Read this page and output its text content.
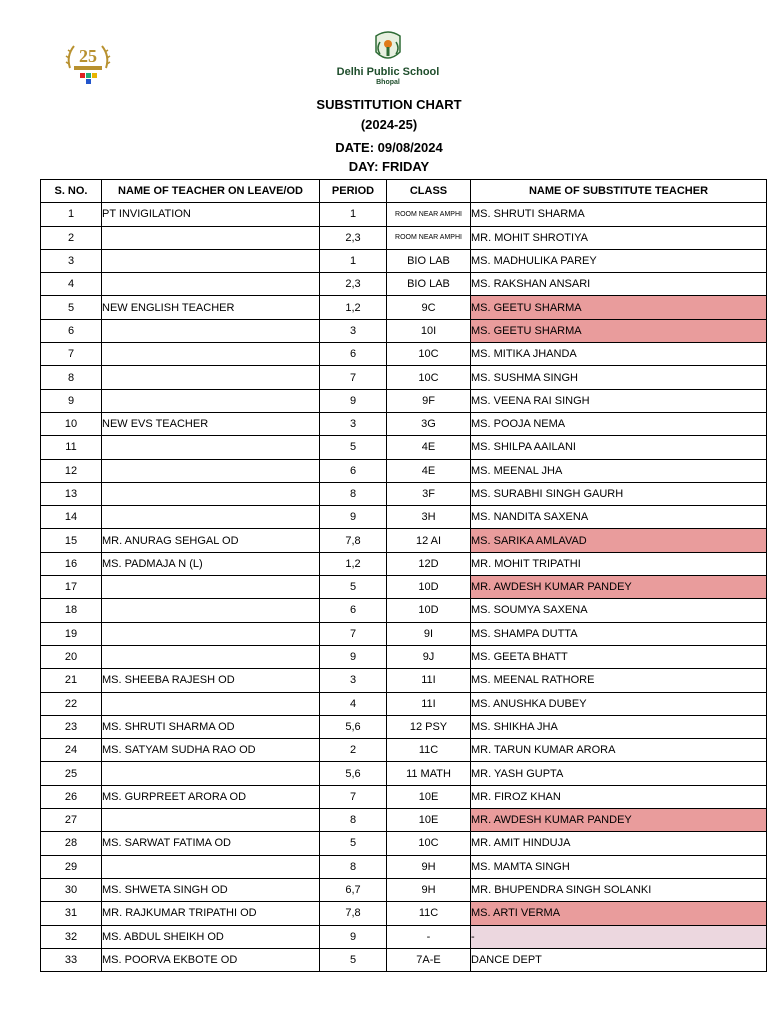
25
Delhi Public School
Bhopal
SUBSTITUTION CHART
(2024-25)
DATE: 09/08/2024
DAY: FRIDAY
S. NO.	NAME OF TEACHER ON LEAVE/OD	PERIOD	CLASS	NAME OF SUBSTITUTE TEACHER
1	PT INVIGILATION	1	ROOM NEAR AMPHI	MS. SHRUTI SHARMA
2		2,3	ROOM NEAR AMPHI	MR. MOHIT SHROTIYA
3		1	BIO LAB	MS. MADHULIKA PAREY
4		2,3	BIO LAB	MS. RAKSHAN ANSARI
5	NEW ENGLISH TEACHER	1,2	9C	MS. GEETU SHARMA
6		3	10I	MS. GEETU SHARMA
7		6	10C	MS. MITIKA JHANDA
8		7	10C	MS. SUSHMA SINGH
9		9	9F	MS. VEENA RAI SINGH
10	NEW EVS TEACHER	3	3G	MS. POOJA NEMA
11		5	4E	MS. SHILPA AAILANI
12		6	4E	MS. MEENAL JHA
13		8	3F	MS. SURABHI SINGH GAURH
14		9	3H	MS. NANDITA SAXENA
15	MR. ANURAG SEHGAL OD	7,8	12 AI	MS. SARIKA AMLAVAD
16	MS. PADMAJA N (L)	1,2	12D	MR. MOHIT TRIPATHI
17		5	10D	MR. AWDESH KUMAR PANDEY
18		6	10D	MS. SOUMYA SAXENA
19		7	9I	MS. SHAMPA DUTTA
20		9	9J	MS. GEETA BHATT
21	MS. SHEEBA RAJESH OD	3	11I	MS. MEENAL RATHORE
22		4	11I	MS. ANUSHKA DUBEY
23	MS. SHRUTI SHARMA OD	5,6	12 PSY	MS. SHIKHA JHA
24	MS. SATYAM SUDHA RAO OD	2	11C	MR. TARUN KUMAR ARORA
25		5,6	11 MATH	MR. YASH GUPTA
26	MS. GURPREET ARORA OD	7	10E	MR. FIROZ KHAN
27		8	10E	MR. AWDESH KUMAR PANDEY
28	MS. SARWAT FATIMA OD	5	10C	MR. AMIT HINDUJA
29		8	9H	MS. MAMTA SINGH
30	MS. SHWETA SINGH OD	6,7	9H	MR. BHUPENDRA SINGH SOLANKI
31	MR. RAJKUMAR TRIPATHI OD	7,8	11C	MS. ARTI VERMA
32	MS. ABDUL SHEIKH OD	9	-	-
33	MS. POORVA EKBOTE OD	5	7A-E	DANCE DEPT
